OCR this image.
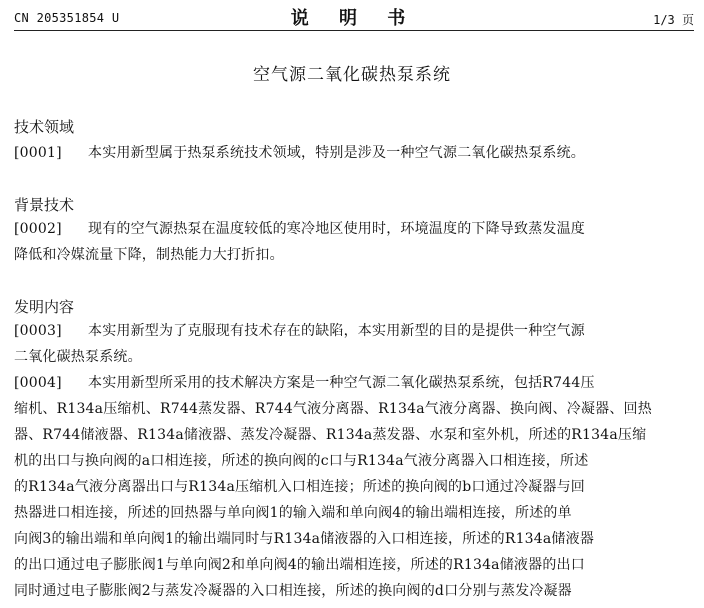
CN 205351854 U	说 明 书	1/3 页
空气源二氧化碳热泵系统
技术领域
[0001] 本实用新型属于热泵系统技术领域，特别是涉及一种空气源二氧化碳热泵系统。
背景技术
[0002] 现有的空气源热泵在温度较低的寒冷地区使用时，环境温度的下降导致蒸发温度
降低和冷媒流量下降，制热能力大打折扣。
发明内容
[0003] 本实用新型为了克服现有技术存在的缺陷，本实用新型的目的是提供一种空气源
二氧化碳热泵系统。
[0004] 本实用新型所采用的技术解决方案是一种空气源二氧化碳热泵系统，包括R744压
缩机、R134a压缩机、R744蒸发器、R744气液分离器、R134a气液分离器、换向阀、冷凝器、回热
器、R744储液器、R134a储液器、蒸发冷凝器、R134a蒸发器、水泵和室外机，所述的R134a压缩
机的出口与换向阀的a口相连接，所述的换向阀的c口与R134a气液分离器入口相连接，所述
的R134a气液分离器出口与R134a压缩机入口相连接；所述的换向阀的b口通过冷凝器与回
热器进口相连接，所述的回热器与单向阀1的输入端和单向阀4的输出端相连接，所述的单
向阀3的输出端和单向阀1的输出端同时与R134a储液器的入口相连接，所述的R134a储液器
的出口通过电子膨胀阀1与单向阀2和单向阀4的输出端相连接，所述的R134a储液器的出口
同时通过电子膨胀阀2与蒸发冷凝器的入口相连接，所述的换向阀的d口分别与蒸发冷凝器
